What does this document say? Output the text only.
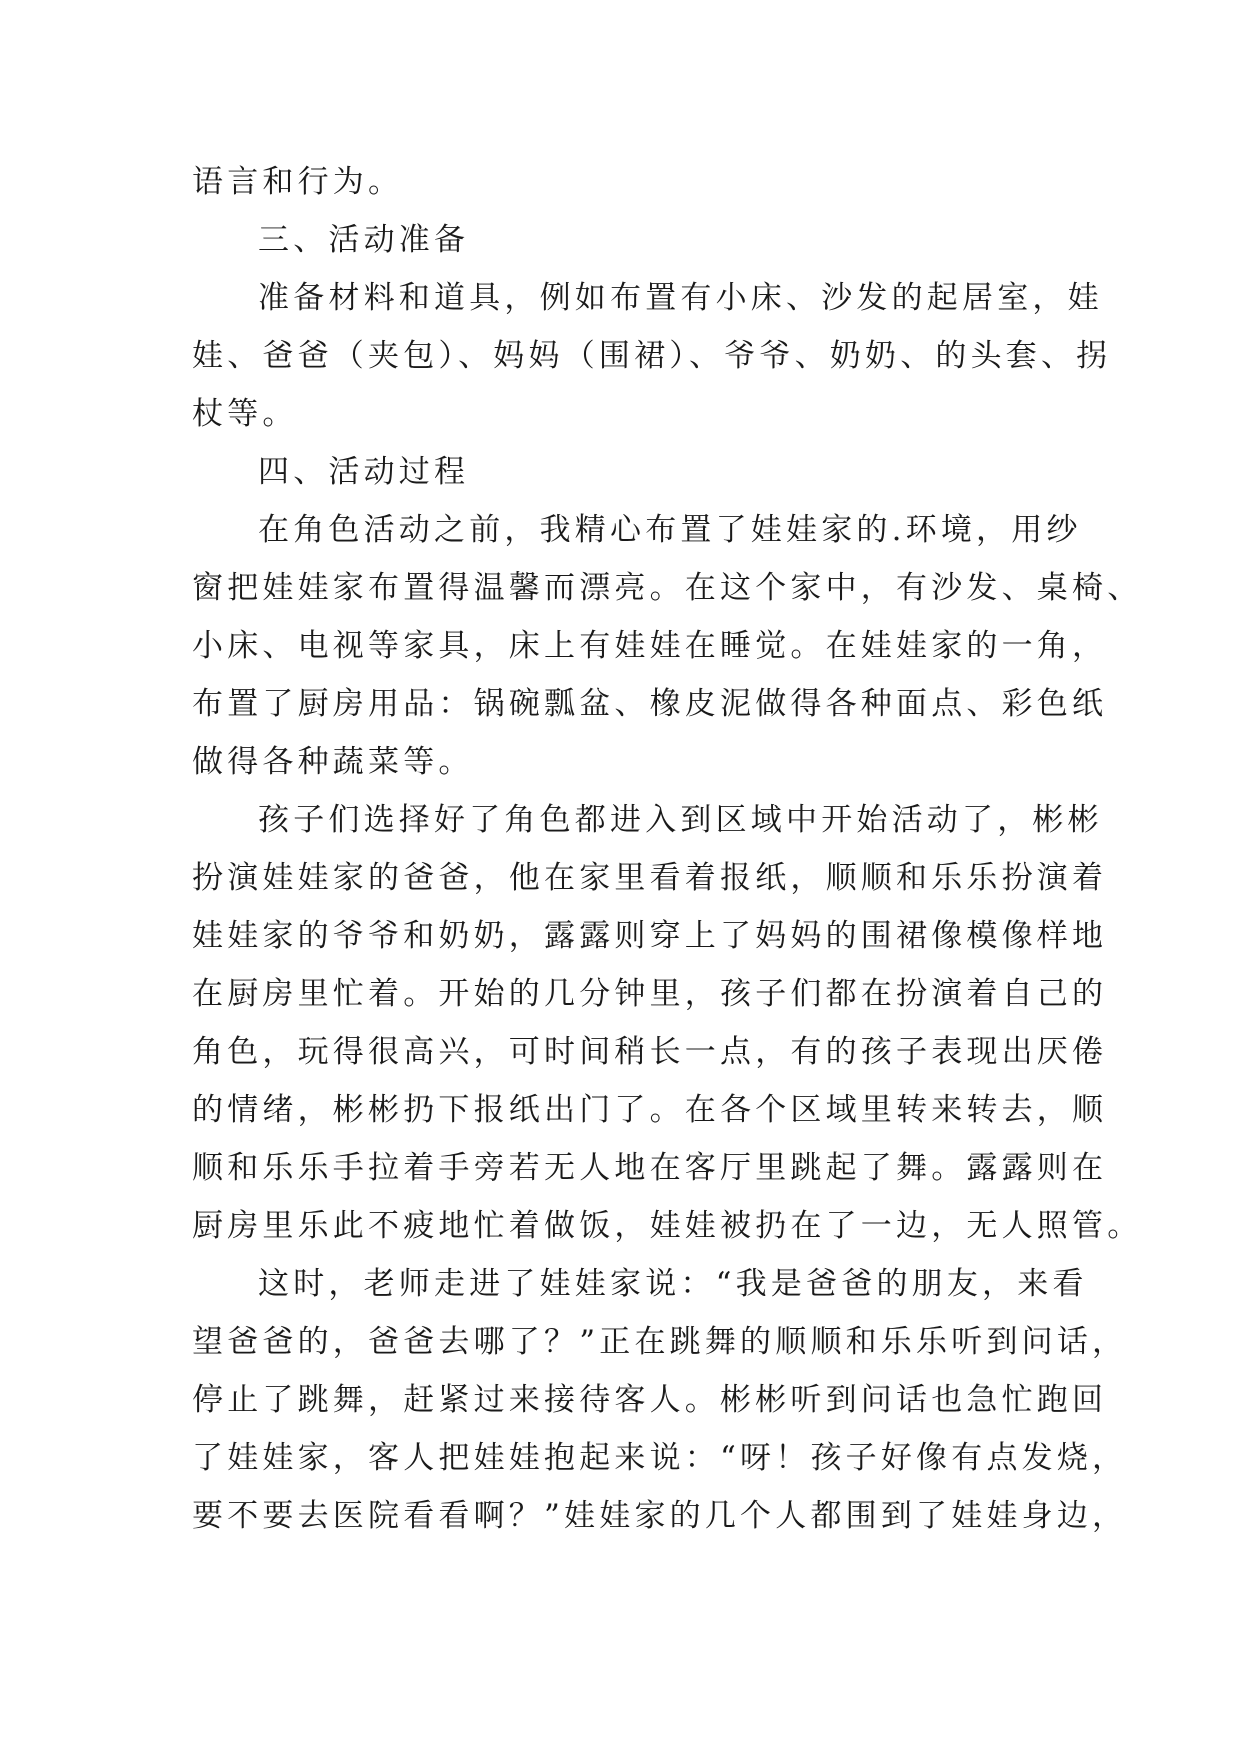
语言和行为。
三、活动准备
准备材料和道具，例如布置有小床、沙发的起居室，娃
娃、爸爸（夹包）、妈妈（围裙）、爷爷、奶奶、的头套、拐
杖等。
四、活动过程
在角色活动之前，我精心布置了娃娃家的.环境，用纱
窗把娃娃家布置得温馨而漂亮。在这个家中，有沙发、桌椅、
小床、电视等家具，床上有娃娃在睡觉。在娃娃家的一角，
布置了厨房用品：锅碗瓢盆、橡皮泥做得各种面点、彩色纸
做得各种蔬菜等。
孩子们选择好了角色都进入到区域中开始活动了，彬彬
扮演娃娃家的爸爸，他在家里看着报纸，顺顺和乐乐扮演着
娃娃家的爷爷和奶奶，露露则穿上了妈妈的围裙像模像样地
在厨房里忙着。开始的几分钟里，孩子们都在扮演着自己的
角色，玩得很高兴，可时间稍长一点，有的孩子表现出厌倦
的情绪，彬彬扔下报纸出门了。在各个区域里转来转去，顺
顺和乐乐手拉着手旁若无人地在客厅里跳起了舞。露露则在
厨房里乐此不疲地忙着做饭，娃娃被扔在了一边，无人照管。
这时，老师走进了娃娃家说：“我是爸爸的朋友，来看
望爸爸的，爸爸去哪了？”正在跳舞的顺顺和乐乐听到问话，
停止了跳舞，赶紧过来接待客人。彬彬听到问话也急忙跑回
了娃娃家，客人把娃娃抱起来说：“呀！孩子好像有点发烧，
要不要去医院看看啊？”娃娃家的几个人都围到了娃娃身边，
